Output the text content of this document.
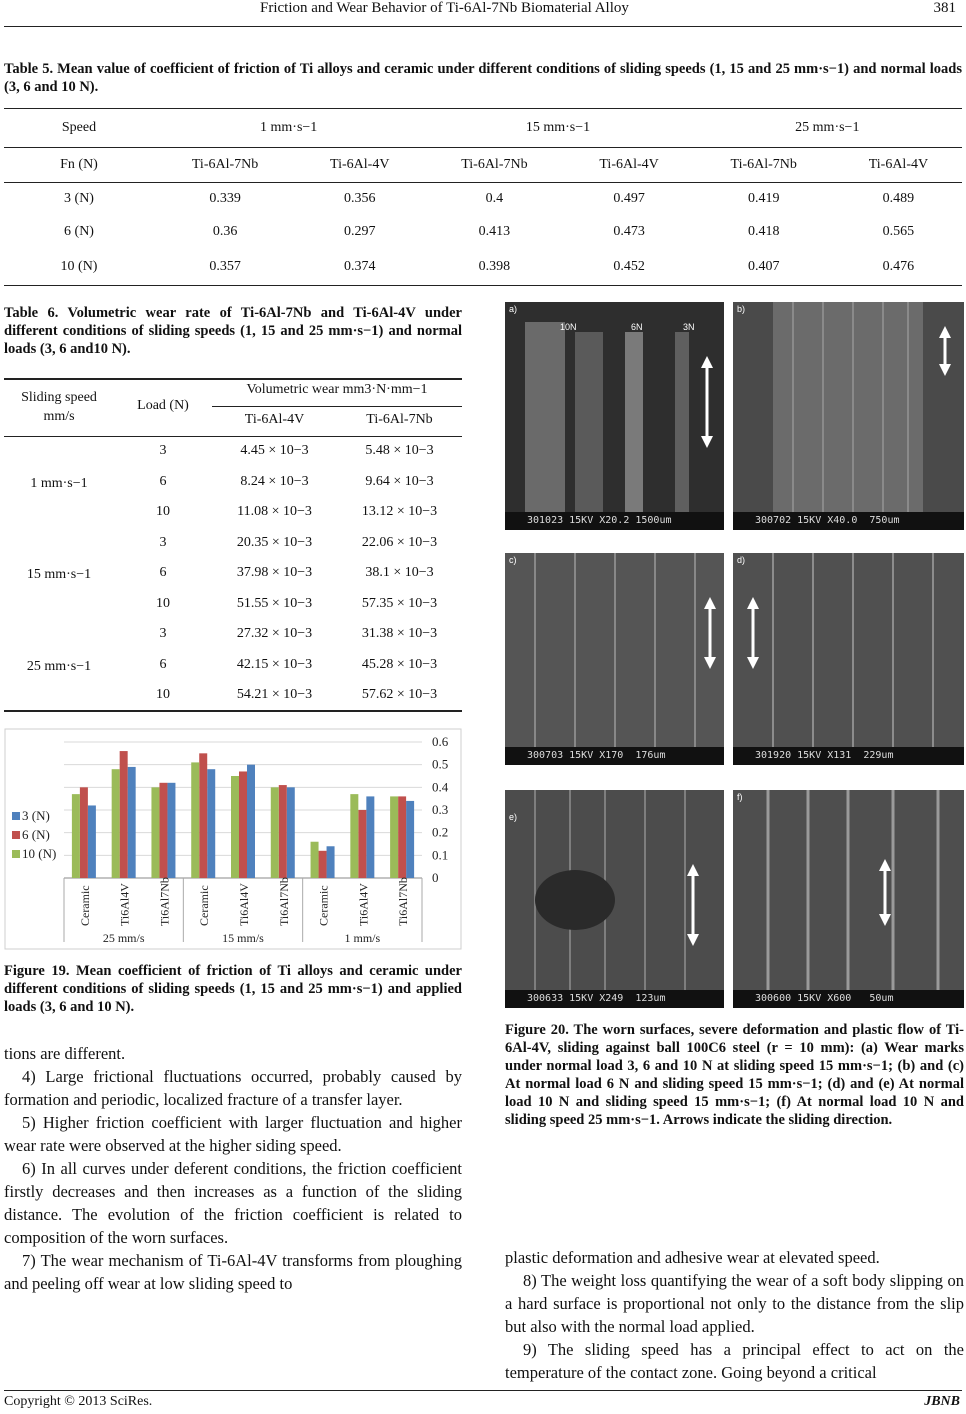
Friction and Wear Behavior of Ti-6Al-7Nb Biomaterial Alloy	381
Table 5. Mean value of coefficient of friction of Ti alloys and ceramic under different conditions of sliding speeds (1, 15 and 25 mm·s−1) and normal loads (3, 6 and 10 N).
Speed	1 mm·s−1		15 mm·s−1		25 mm·s−1	
Fn (N)	Ti-6Al-7Nb	Ti-6Al-4V	Ti-6Al-7Nb	Ti-6Al-4V	Ti-6Al-7Nb	Ti-6Al-4V
3 (N)	0.339	0.356	0.4	0.497	0.419	0.489
6 (N)	0.36	0.297	0.413	0.473	0.418	0.565
10 (N)	0.357	0.374	0.398	0.452	0.407	0.476
Table 6. Volumetric wear rate of Ti-6Al-7Nb and Ti-6Al-4V under different conditions of sliding speeds (1, 15 and 25 mm·s−1) and normal loads (3, 6 and10 N).
Sliding speed
mm/s
Load (N)
Volumetric wear mm3·N·mm−1
Ti-6Al-4V	Ti-6Al-7Nb
1 mm·s−1
3	4.45 × 10−3	5.48 × 10−3
6	8.24 × 10−3	9.64 × 10−3
10	11.08 × 10−3	13.12 × 10−3
15 mm·s−1
3	20.35 × 10−3	22.06 × 10−3
6	37.98 × 10−3	38.1 × 10−3
10	51.55 × 10−3	57.35 × 10−3
25 mm·s−1
3	27.32 × 10−3	31.38 × 10−3
6	42.15 × 10−3	45.28 × 10−3
10	54.21 × 10−3	57.62 × 10−3
0
0.1
0.2
0.3
0.4
0.5
0.6
Ceramic Ti6Al4V Ti6Al7Nb Ceramic Ti6Al4V Ti6Al7Nb Ceramic Ti6Al4V Ti6Al7Nb
25 mm/s	15 mm/s	1 mm/s
3 (N)
6 (N)
10 (N)
Figure 19. Mean coefficient of friction of Ti alloys and ceramic under different conditions of sliding speeds (1, 15 and 25 mm·s−1) and applied loads (3, 6 and 10 N).
a)
10N	6N	3N
301023 15KV X20.2 1500um
b)
300702 15KV X40.0  750um
c)
300703 15KV X170  176um
d)
301920 15KV X131  229um
e)
300633 15KV X249  123um
f)
300600 15KV X600   50um
Figure 20. The worn surfaces, severe deformation and plastic flow of Ti-6Al-4V, sliding against ball 100C6 steel (r = 10 mm): (a) Wear marks under normal load 3, 6 and 10 N at sliding speed 15 mm·s−1; (b) and (c) At normal load 6 N and sliding speed 15 mm·s−1; (d) and (e) At normal load 10 N and sliding speed 15 mm·s−1; (f) At normal load 10 N and sliding speed 25 mm·s−1. Arrows indicate the sliding direction.

tions are different.

4) Large frictional fluctuations occurred, probably caused by formation and periodic, localized fracture of a transfer layer.

5) Higher friction coefficient with larger fluctuation and higher wear rate were observed at the higher siding speed.

6) In all curves under deferent conditions, the friction coefficient firstly decreases and then increases as a function of the sliding distance. The evolution of the friction coefficient is related to composition of the worn surfaces.

7) The wear mechanism of Ti-6Al-4V transforms from ploughing and peeling off wear at low sliding speed to

plastic deformation and adhesive wear at elevated speed.

8) The weight loss quantifying the wear of a soft body slipping on a hard surface is proportional not only to the distance from the slip but also with the normal load applied.

9) The sliding speed has a principal effect to act on the temperature of the contact zone. Going beyond a critical

Copyright © 2013 SciRes.	JBNB
